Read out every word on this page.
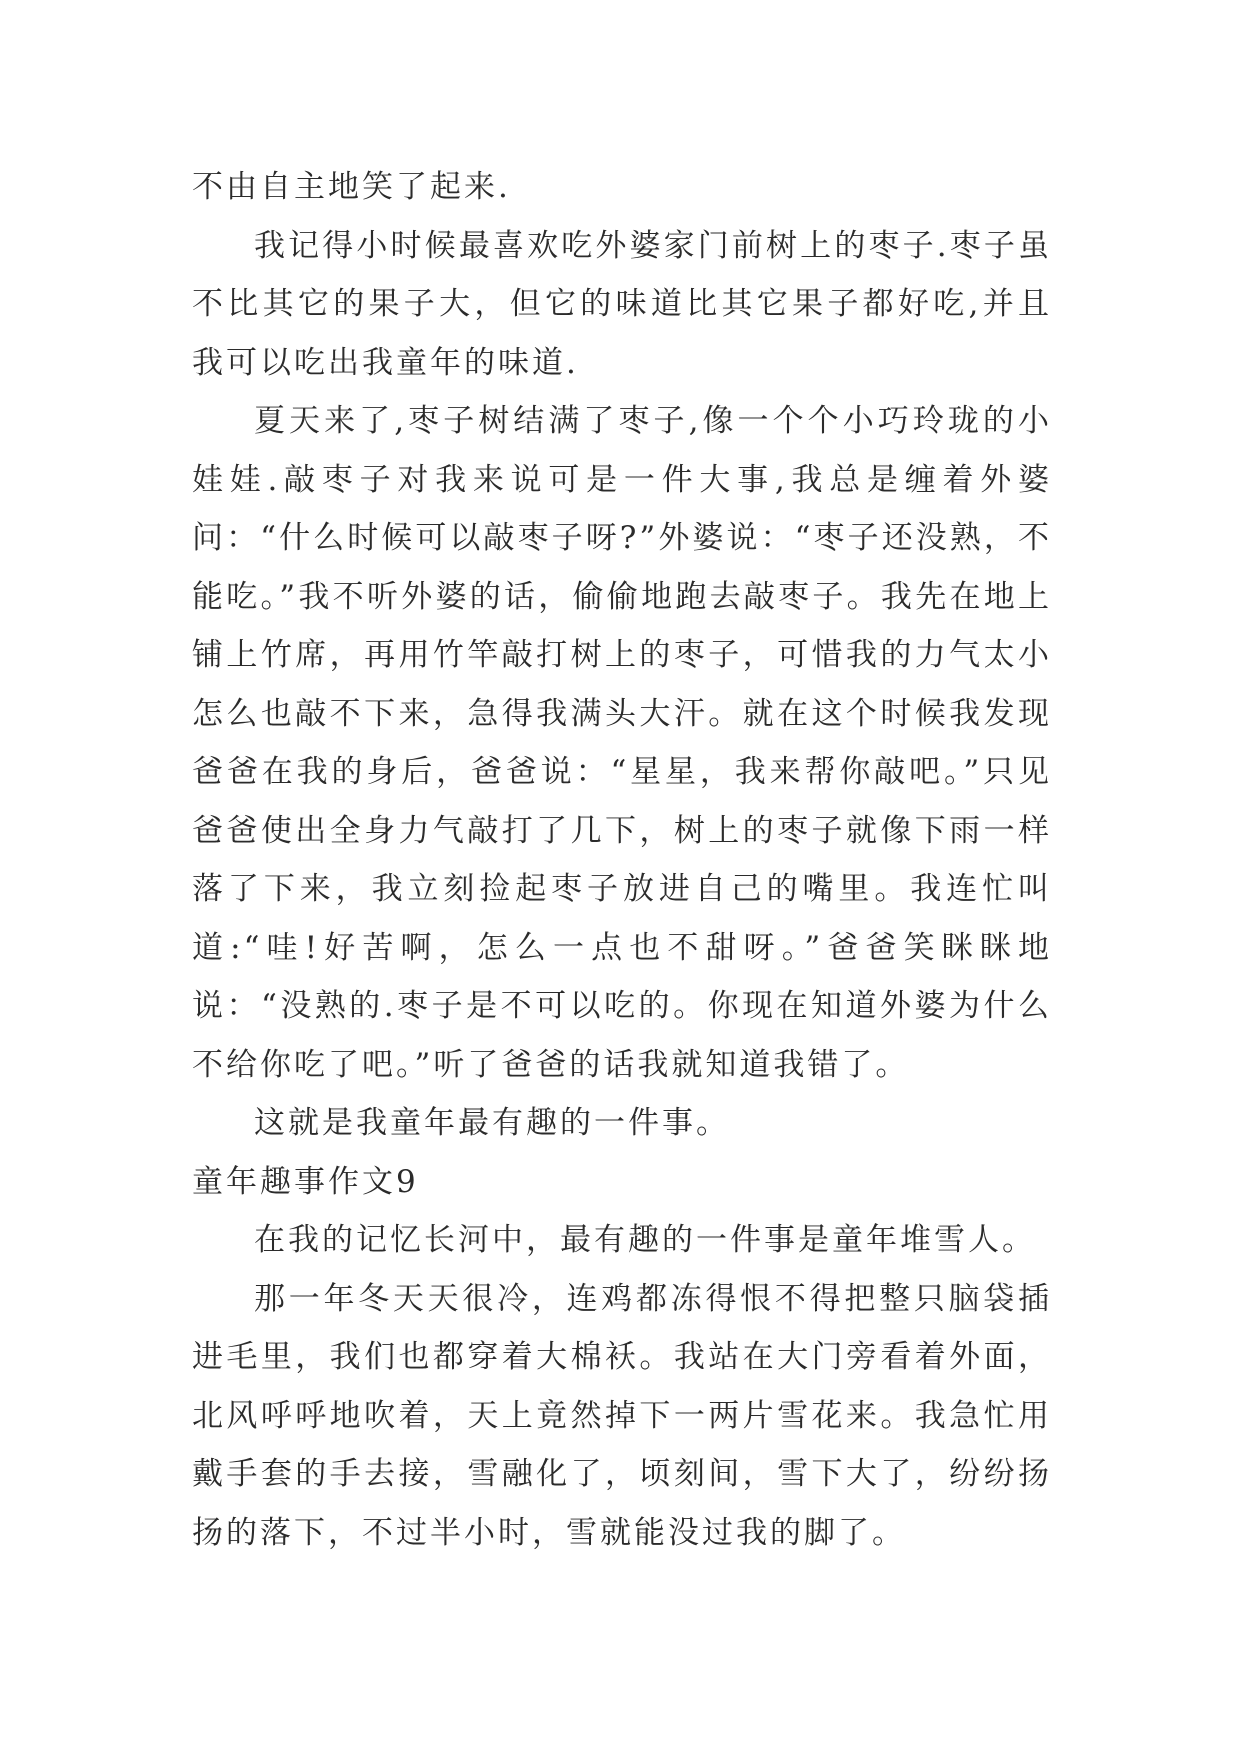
不由自主地笑了起来.

我记得小时候最喜欢吃外婆家门前树上的枣子.枣子虽不比其它的果子大，但它的味道比其它果子都好吃,并且我可以吃出我童年的味道.

夏天来了,枣子树结满了枣子,像一个个小巧玲珑的小娃娃.敲枣子对我来说可是一件大事,我总是缠着外婆问：“什么时候可以敲枣子呀?”外婆说：“枣子还没熟，不能吃。”我不听外婆的话，偷偷地跑去敲枣子。我先在地上铺上竹席，再用竹竿敲打树上的枣子，可惜我的力气太小怎么也敲不下来，急得我满头大汗。就在这个时候我发现爸爸在我的身后，爸爸说：“星星，我来帮你敲吧。”只见爸爸使出全身力气敲打了几下，树上的枣子就像下雨一样落了下来，我立刻捡起枣子放进自己的嘴里。我连忙叫道:“哇!好苦啊，怎么一点也不甜呀。”爸爸笑眯眯地说：“没熟的.枣子是不可以吃的。你现在知道外婆为什么不给你吃了吧。”听了爸爸的话我就知道我错了。

这就是我童年最有趣的一件事。

童年趣事作文9

在我的记忆长河中，最有趣的一件事是童年堆雪人。

那一年冬天天很冷，连鸡都冻得恨不得把整只脑袋插进毛里，我们也都穿着大棉袄。我站在大门旁看着外面，北风呼呼地吹着，天上竟然掉下一两片雪花来。我急忙用戴手套的手去接，雪融化了，顷刻间，雪下大了，纷纷扬扬的落下，不过半小时，雪就能没过我的脚了。
